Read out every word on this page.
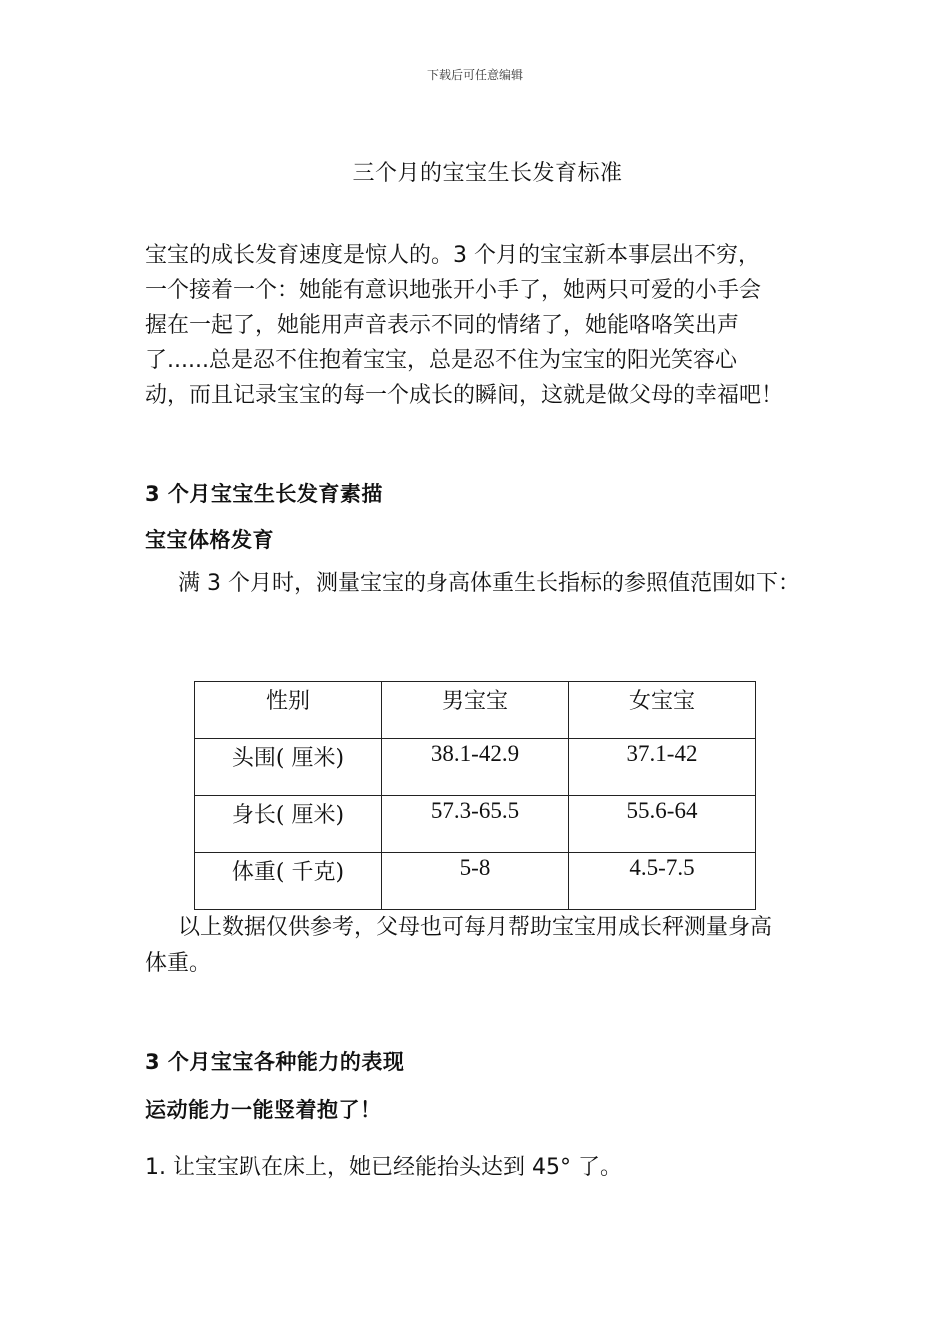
下载后可任意编辑
三个月的宝宝生长发育标准
宝宝的成长发育速度是惊人的。3 个月的宝宝新本事层出不穷，
一个接着一个：她能有意识地张开小手了，她两只可爱的小手会
握在一起了，她能用声音表示不同的情绪了，她能咯咯笑出声
了......总是忍不住抱着宝宝，总是忍不住为宝宝的阳光笑容心
动，而且记录宝宝的每一个成长的瞬间，这就是做父母的幸福吧！
3 个月宝宝生长发育素描
宝宝体格发育
满 3 个月时，测量宝宝的身高体重生长指标的参照值范围如下：
性别	男宝宝	女宝宝
头围( 厘米)	38.1-42.9	37.1-42
身长( 厘米)	57.3-65.5	55.6-64
体重( 千克)	5-8	4.5-7.5
以上数据仅供参考，父母也可每月帮助宝宝用成长秤测量身高
体重。
3 个月宝宝各种能力的表现
运动能力一能竖着抱了！
1. 让宝宝趴在床上，她已经能抬头达到 45° 了。
